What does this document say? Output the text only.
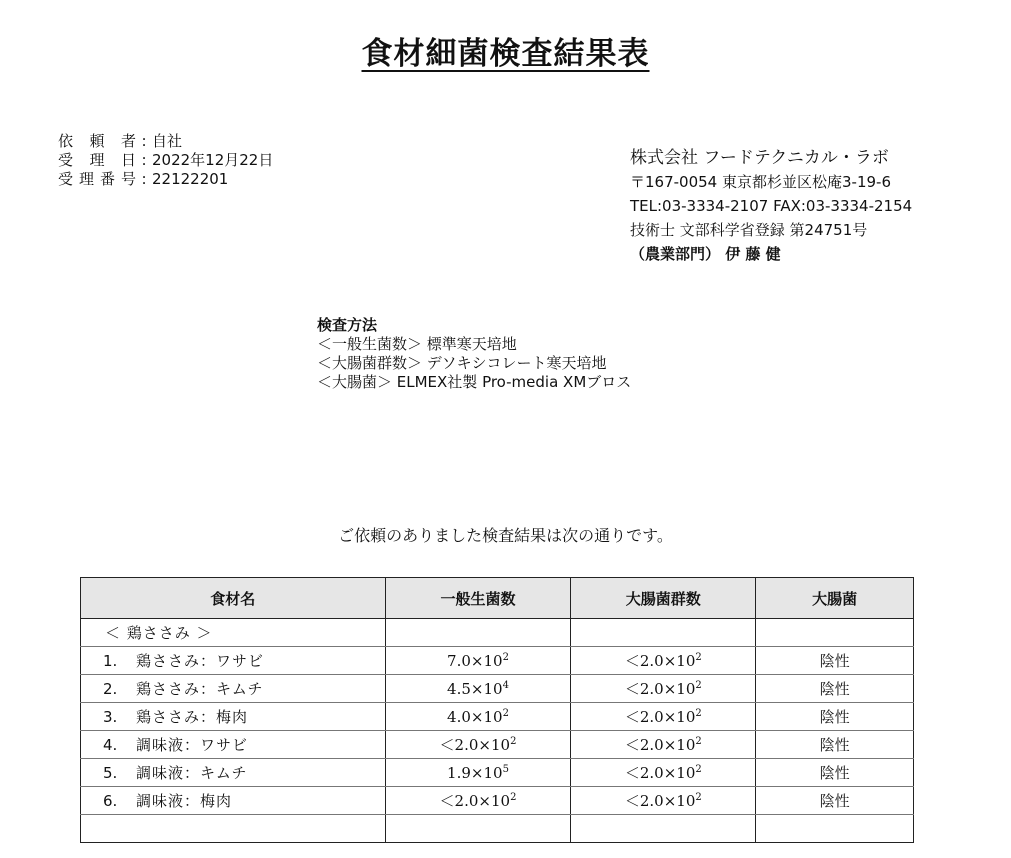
食材細菌検査結果表
依 頼 者 : 自社
受 理 日 : 2022年12月22日
受理番号 : 22122201
株式会社 フードテクニカル・ラボ
〒167-0054 東京都杉並区松庵3-19-6
TEL:03-3334-2107 FAX:03-3334-2154
技術士 文部科学省登録 第24751号
（農業部門） 伊 藤 健
検査方法
＜一般生菌数＞ 標準寒天培地
＜大腸菌群数＞ デソキシコレート寒天培地
＜大腸菌＞ ELMEX社製 Pro-media XMブロス
ご依頼のありました検査結果は次の通りです。
食材名	一般生菌数	大腸菌群数	大腸菌
＜ 鶏ささみ ＞			
1. 鶏ささみ：ワサビ	$7.0\times 10^2$	$<2.0\times 10^2$	陰性
2. 鶏ささみ：キムチ	$4.5\times 10^4$	$<2.0\times 10^2$	陰性
3. 鶏ささみ：梅肉	$4.0\times 10^2$	$<2.0\times 10^2$	陰性
4. 調味液：ワサビ	$<2.0\times 10^2$	$<2.0\times 10^2$	陰性
5. 調味液：キムチ	$1.9\times 10^5$	$<2.0\times 10^2$	陰性
6. 調味液：梅肉	$<2.0\times 10^2$	$<2.0\times 10^2$	陰性
